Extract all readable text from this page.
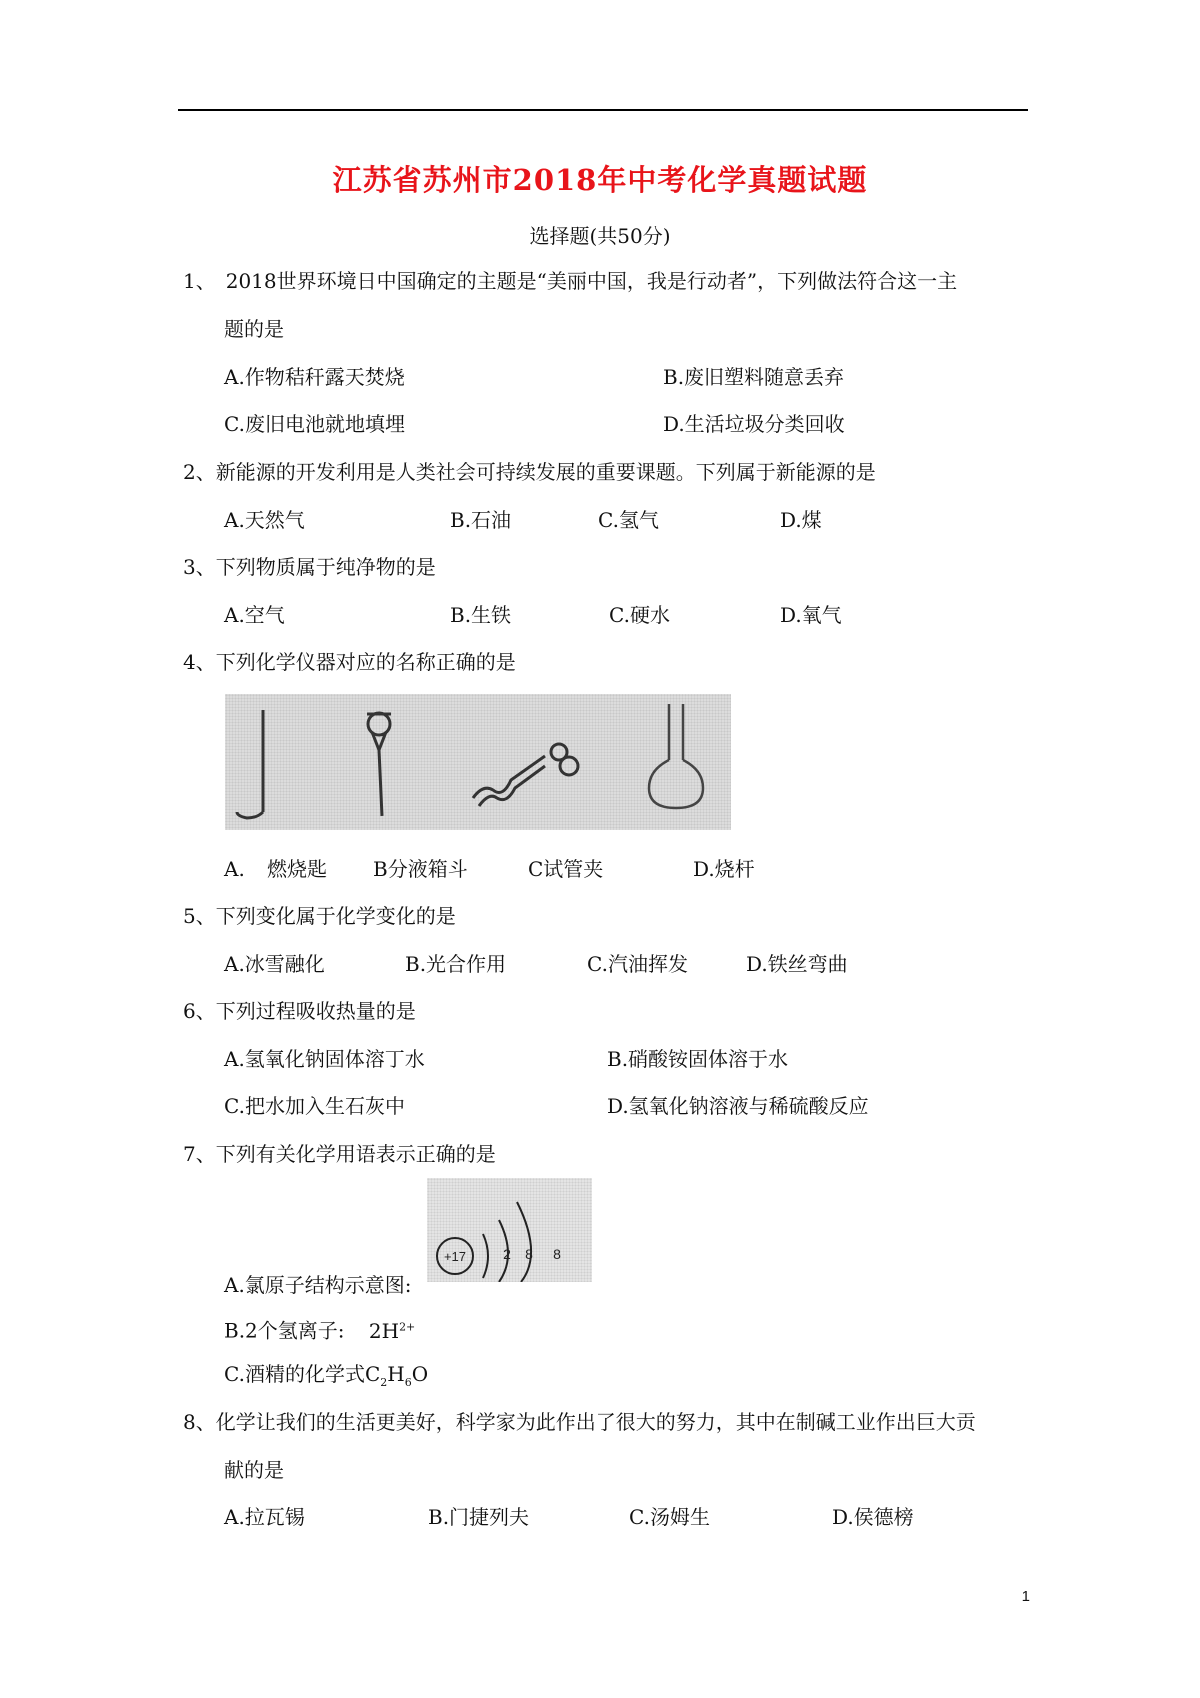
江苏省苏州市2018年中考化学真题试题
选择题(共50分)
1、　2018世界环境日中国确定的主题是“美丽中国，我是行动者”，下列做法符合这一主
题的是
A.作物秸秆露天焚烧	B.废旧塑料随意丢弃
C.废旧电池就地填埋	D.生活垃圾分类回收
2、新能源的开发利用是人类社会可持续发展的重要课题。下列属于新能源的是
A.天然气	B.石油	C.氢气	D.煤
3、下列物质属于纯净物的是
A.空气	B.生铁	C.硬水	D.氧气
4、下列化学仪器对应的名称正确的是
A. 燃烧匙 B分液箱斗	C试管夹	D.烧杆
5、下列变化属于化学变化的是
A.冰雪融化	B.光合作用	C.汽油挥发	D.铁丝弯曲
6、下列过程吸收热量的是
A.氢氧化钠固体溶丁水	B.硝酸铵固体溶于水
C.把水加入生石灰中	D.氢氧化钠溶液与稀硫酸反应
7、下列有关化学用语表示正确的是
+17	2 8 8
A.氯原子结构示意图:
B.2个氢离子: $2H^{2+}$
C.酒精的化学式$C_2H_6O$
8、化学让我们的生活更美好，科学家为此作出了很大的努力，其中在制碱工业作出巨大贡
献的是
A.拉瓦锡	B.门捷列夫	C.汤姆生	D.侯德榜
1
